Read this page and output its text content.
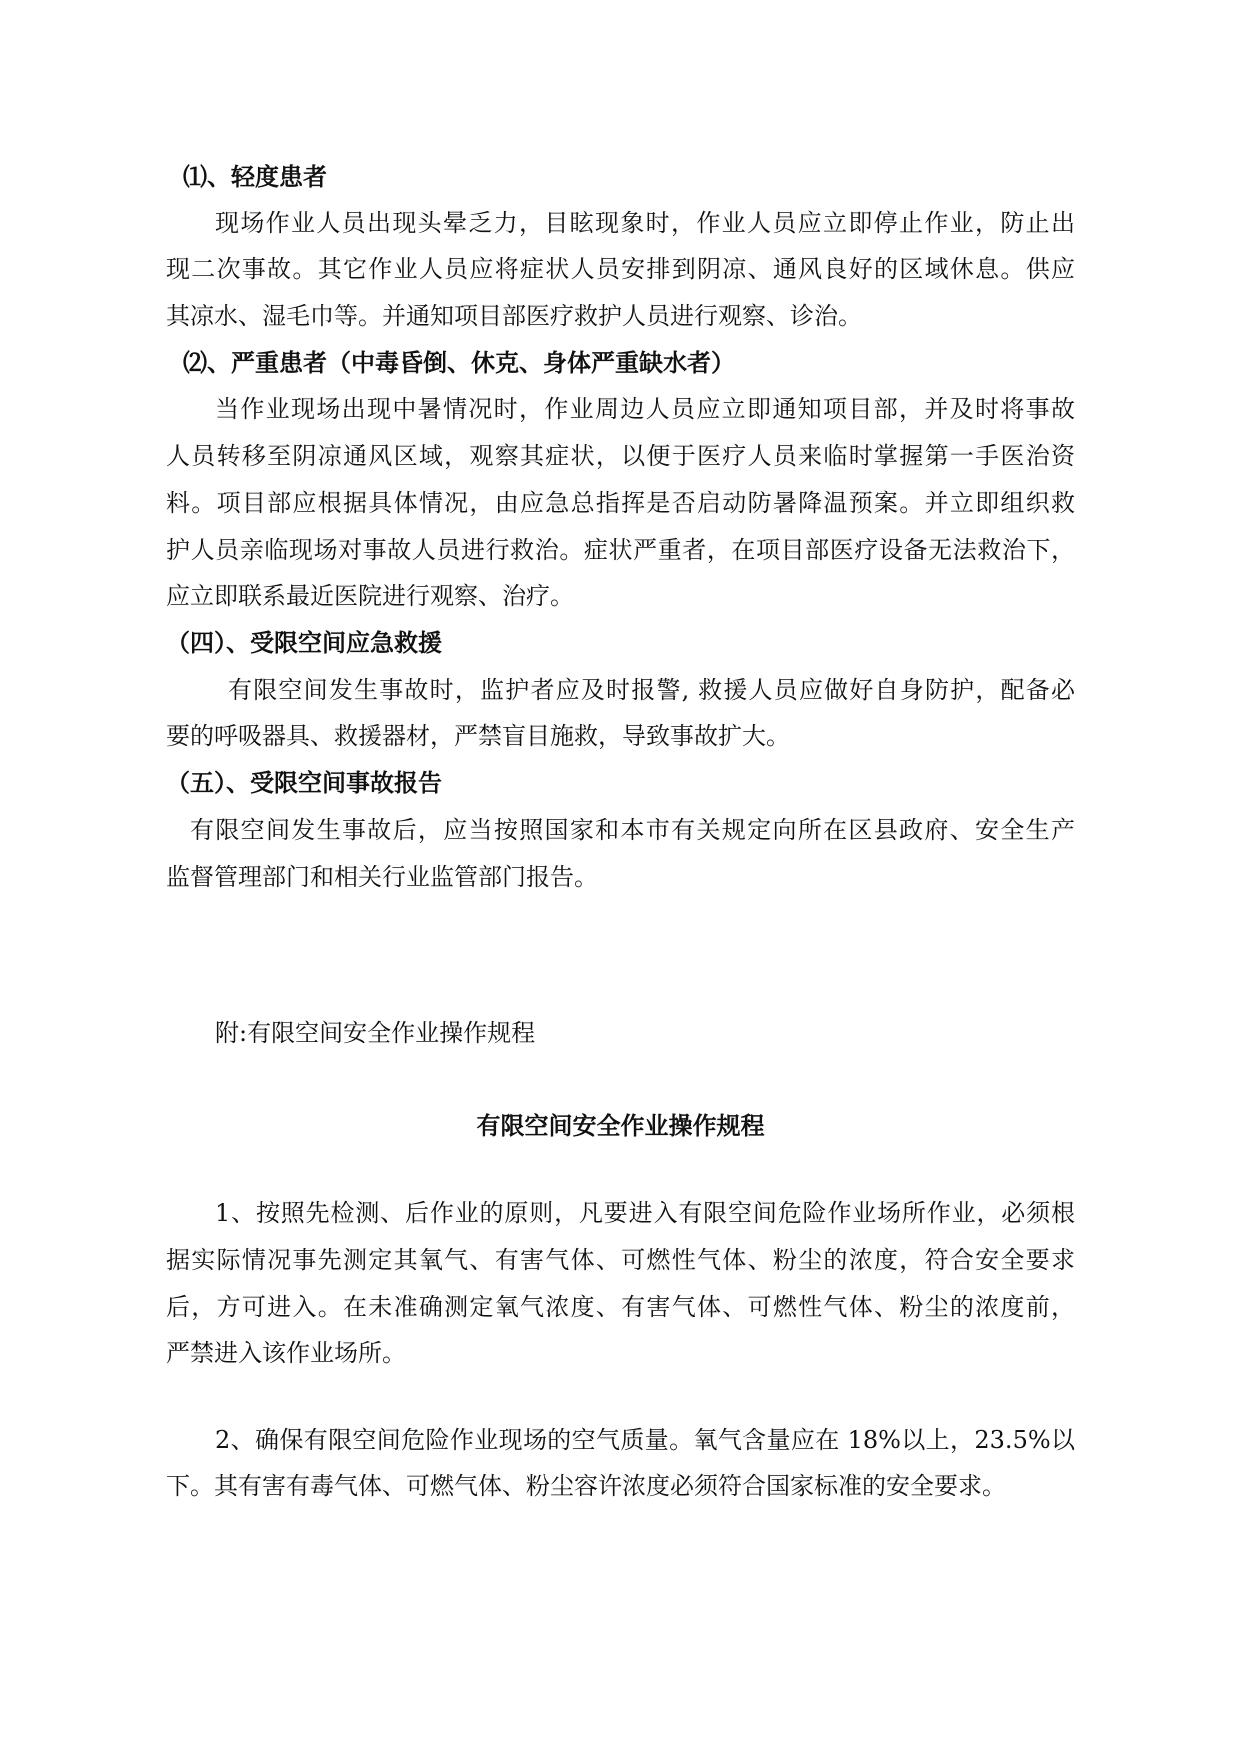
⑴、轻度患者
现场作业人员出现头晕乏力，目眩现象时，作业人员应立即停止作业，防止出
现二次事故。其它作业人员应将症状人员安排到阴凉、通风良好的区域休息。供应
其凉水、湿毛巾等。并通知项目部医疗救护人员进行观察、诊治。
⑵、严重患者（中毒昏倒、休克、身体严重缺水者）
当作业现场出现中暑情况时，作业周边人员应立即通知项目部，并及时将事故
人员转移至阴凉通风区域，观察其症状，以便于医疗人员来临时掌握第一手医治资
料。项目部应根据具体情况，由应急总指挥是否启动防暑降温预案。并立即组织救
护人员亲临现场对事故人员进行救治。症状严重者，在项目部医疗设备无法救治下，
应立即联系最近医院进行观察、治疗。
（四）、受限空间应急救援
有限空间发生事故时，监护者应及时报警, 救援人员应做好自身防护，配备必
要的呼吸器具、救援器材，严禁盲目施救，导致事故扩大。
（五）、受限空间事故报告
有限空间发生事故后，应当按照国家和本市有关规定向所在区县政府、安全生产
监督管理部门和相关行业监管部门报告。
附:有限空间安全作业操作规程
有限空间安全作业操作规程
1、按照先检测、后作业的原则，凡要进入有限空间危险作业场所作业，必须根
据实际情况事先测定其氧气、有害气体、可燃性气体、粉尘的浓度，符合安全要求
后，方可进入。在未准确测定氧气浓度、有害气体、可燃性气体、粉尘的浓度前，
严禁进入该作业场所。
2、确保有限空间危险作业现场的空气质量。氧气含量应在 18%以上，23.5%以
下。其有害有毒气体、可燃气体、粉尘容许浓度必须符合国家标准的安全要求。
